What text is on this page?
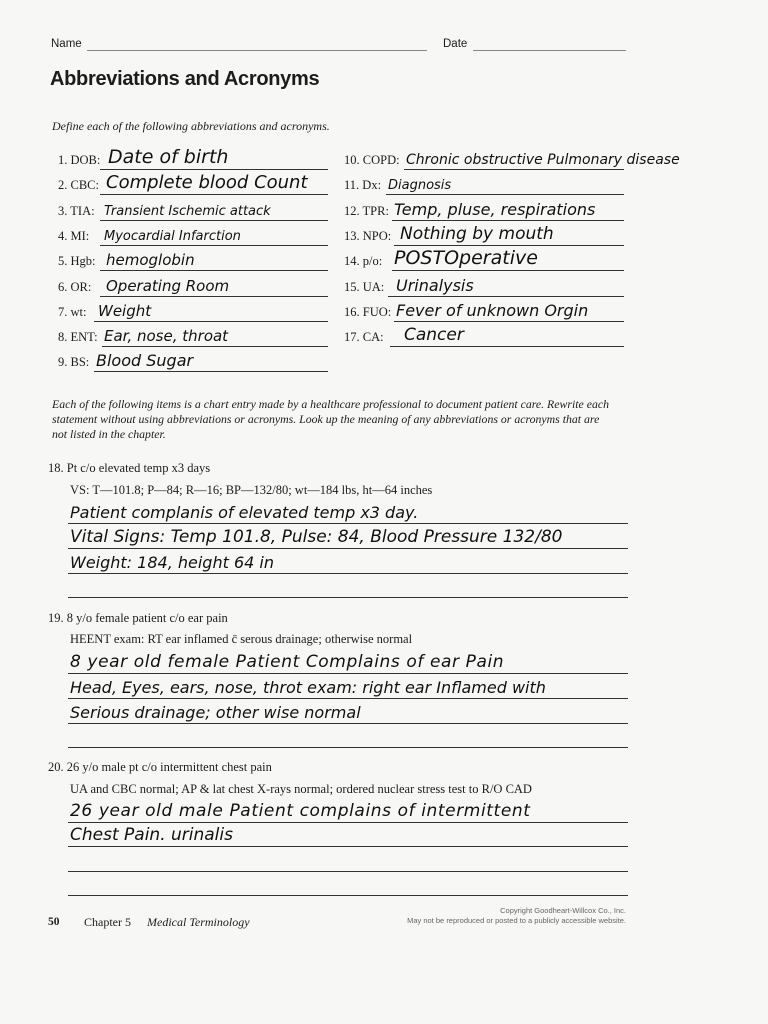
Name	Date
Abbreviations and Acronyms
Define each of the following abbreviations and acronyms.
1. DOB: Date of birth
2. CBC: Complete blood Count
3. TIA: Transient Ischemic attack
4. MI: Myocardial Infarction
5. Hgb: hemoglobin
6. OR: Operating Room
7. wt: Weight
8. ENT: Ear, nose, throat
9. BS: Blood Sugar
10. COPD: Chronic obstructive Pulmonary disease
11. Dx: Diagnosis
12. TPR: Temp, pluse, respirations
13. NPO: Nothing by mouth
14. p/o: POSTOperative
15. UA: Urinalysis
16. FUO: Fever of unknown Orgin
17. CA: Cancer
Each of the following items is a chart entry made by a healthcare professional to document patient care. Rewrite each statement without using abbreviations or acronyms. Look up the meaning of any abbreviations or acronyms that are not listed in the chapter.
18. Pt c/o elevated temp x3 days
VS: T—101.8; P—84; R—16; BP—132/80; wt—184 lbs, ht—64 inches
Patient complanis of elevated temp x3 day.
Vital Signs: Temp 101.8, Pulse: 84, Blood Pressure 132/80
Weight: 184, height 64 in
19. 8 y/o female patient c/o ear pain
HEENT exam: RT ear inflamed c̄ serous drainage; otherwise normal
8 year old female Patient Complains of ear Pain
Head, Eyes, ears, nose, throt exam: right ear Inflamed with
Serious drainage; other wise normal
20. 26 y/o male pt c/o intermittent chest pain
UA and CBC normal; AP & lat chest X-rays normal; ordered nuclear stress test to R/O CAD
26 year old male Patient complains of intermittent
Chest Pain. urinalis
50 Chapter 5 Medical Terminology
Copyright Goodheart-Willcox Co., Inc.
May not be reproduced or posted to a publicly accessible website.
